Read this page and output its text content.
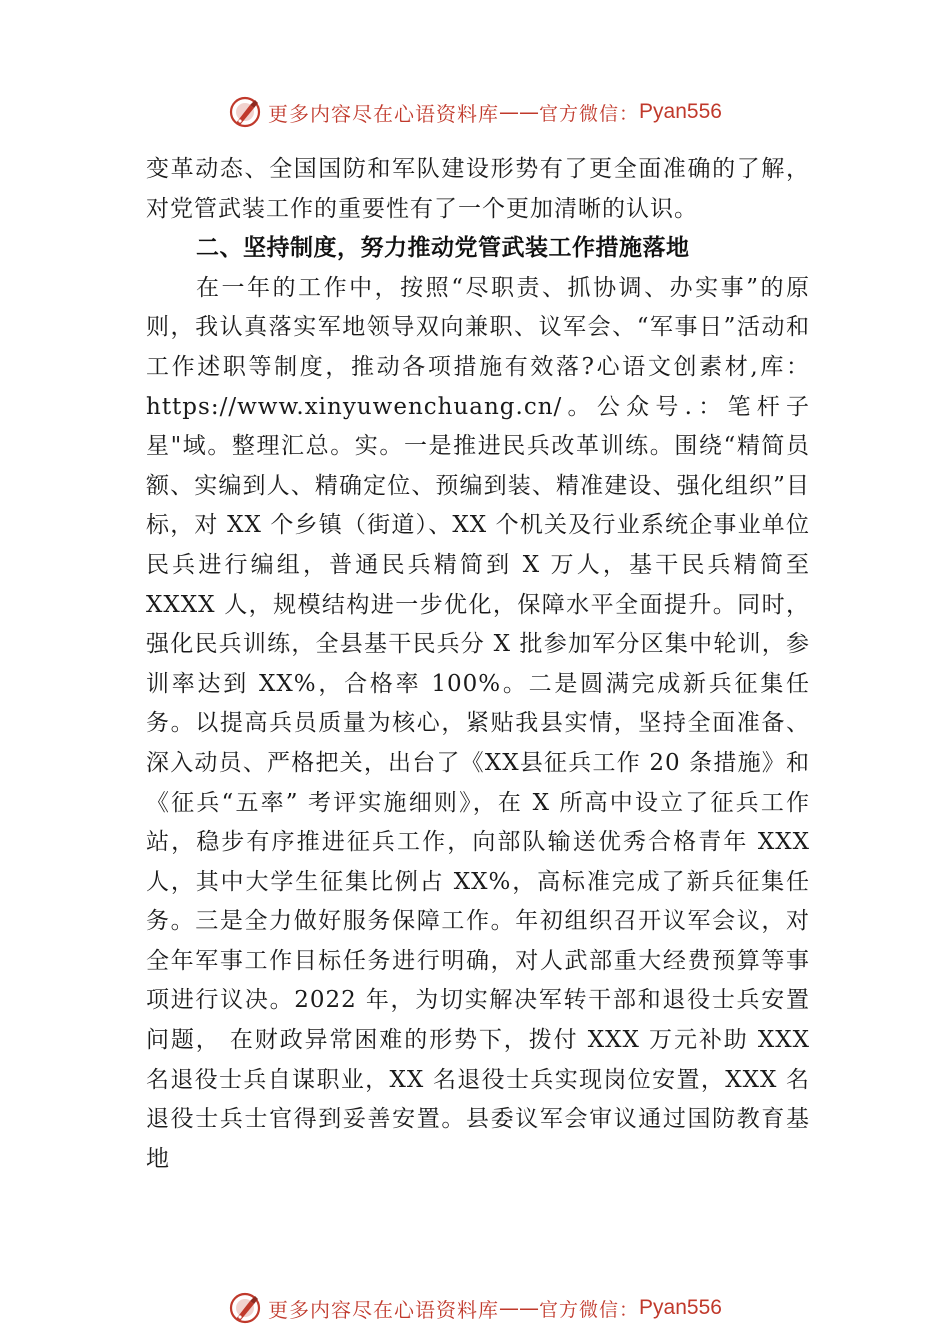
更多内容尽在心语资料库 —— 官方微信： Pyan556

变革动态、全国国防和军队建设形势有了更全面准确的了解，对党管武装工作的重要性有了一个更加清晰的认识。

二、坚持制度，努力推动党管武装工作措施落地

在一年的工作中，按照“尽职责、抓协调、办实事”的原则，我认真落实军地领导双向兼职、议军会、“军事日”活动和工作述职等制度，推动各项措施有效落?心语文创素材,库：https://www.xinyuwenchuang.cn/。公众号.：笔杆子星"域。整理汇总。实。一是推进民兵改革训练。围绕“精简员额、实编到人、精确定位、预编到装、精准建设、强化组织”目标，对 XX 个乡镇（街道）、XX 个机关及行业系统企事业单位民兵进行编组，普通民兵精简到 X 万人，基干民兵精简至 XXXX 人，规模结构进一步优化，保障水平全面提升。同时，强化民兵训练，全县基干民兵分 X 批参加军分区集中轮训，参训率达到 XX%，合格率 100%。二是圆满完成新兵征集任务。以提高兵员质量为核心，紧贴我县实情，坚持全面准备、深入动员、严格把关，出台了《XX县征兵工作 20 条措施》和《征兵“五率” 考评实施细则》，在 X 所高中设立了征兵工作站，稳步有序推进征兵工作，向部队输送优秀合格青年 XXX 人，其中大学生征集比例占 XX%，高标准完成了新兵征集任务。三是全力做好服务保障工作。年初组织召开议军会议，对全年军事工作目标任务进行明确，对人武部重大经费预算等事项进行议决。2022 年，为切实解决军转干部和退役士兵安置问题， 在财政异常困难的形势下，拨付 XXX 万元补助 XXX 名退役士兵自谋职业，XX 名退役士兵实现岗位安置，XXX 名退役士兵士官得到妥善安置。县委议军会审议通过国防教育基地

更多内容尽在心语资料库 —— 官方微信： Pyan556
